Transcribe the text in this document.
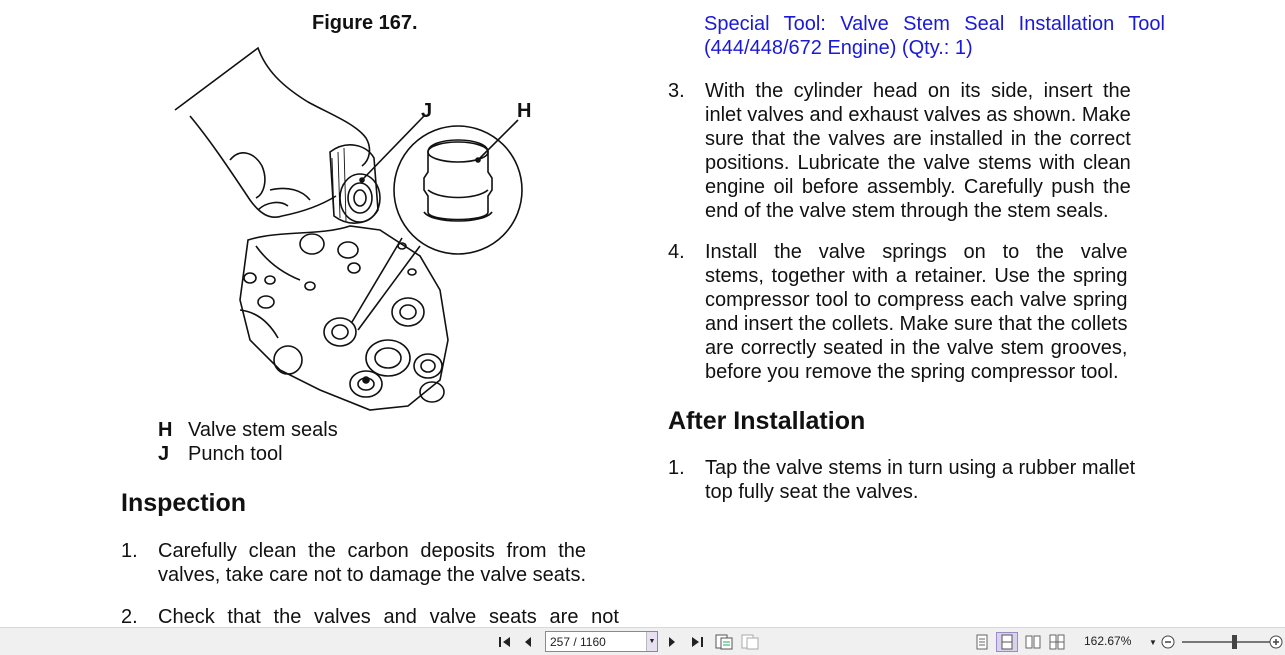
Figure 167.
J	H
H Valve stem seals
J Punch tool
Inspection
1.	Carefully clean the carbon deposits from the
valves, take care not to damage the valve seats.
2.	Check that the valves and valve seats are not
Special Tool: Valve Stem Seal Installation Tool
(444/448/672 Engine) (Qty.: 1)
3.	With the cylinder head on its side, insert the
inlet valves and exhaust valves as shown. Make
sure that the valves are installed in the correct
positions. Lubricate the valve stems with clean
engine oil before assembly. Carefully push the
end of the valve stem through the stem seals.
4.	Install the valve springs on to the valve
stems, together with a retainer. Use the spring
compressor tool to compress each valve spring
and insert the collets. Make sure that the collets
are correctly seated in the valve stem grooves,
before you remove the spring compressor tool.
After Installation
1.	Tap the valve stems in turn using a rubber mallet
top fully seat the valves.
257 / 1160	▼	162.67% ▼
